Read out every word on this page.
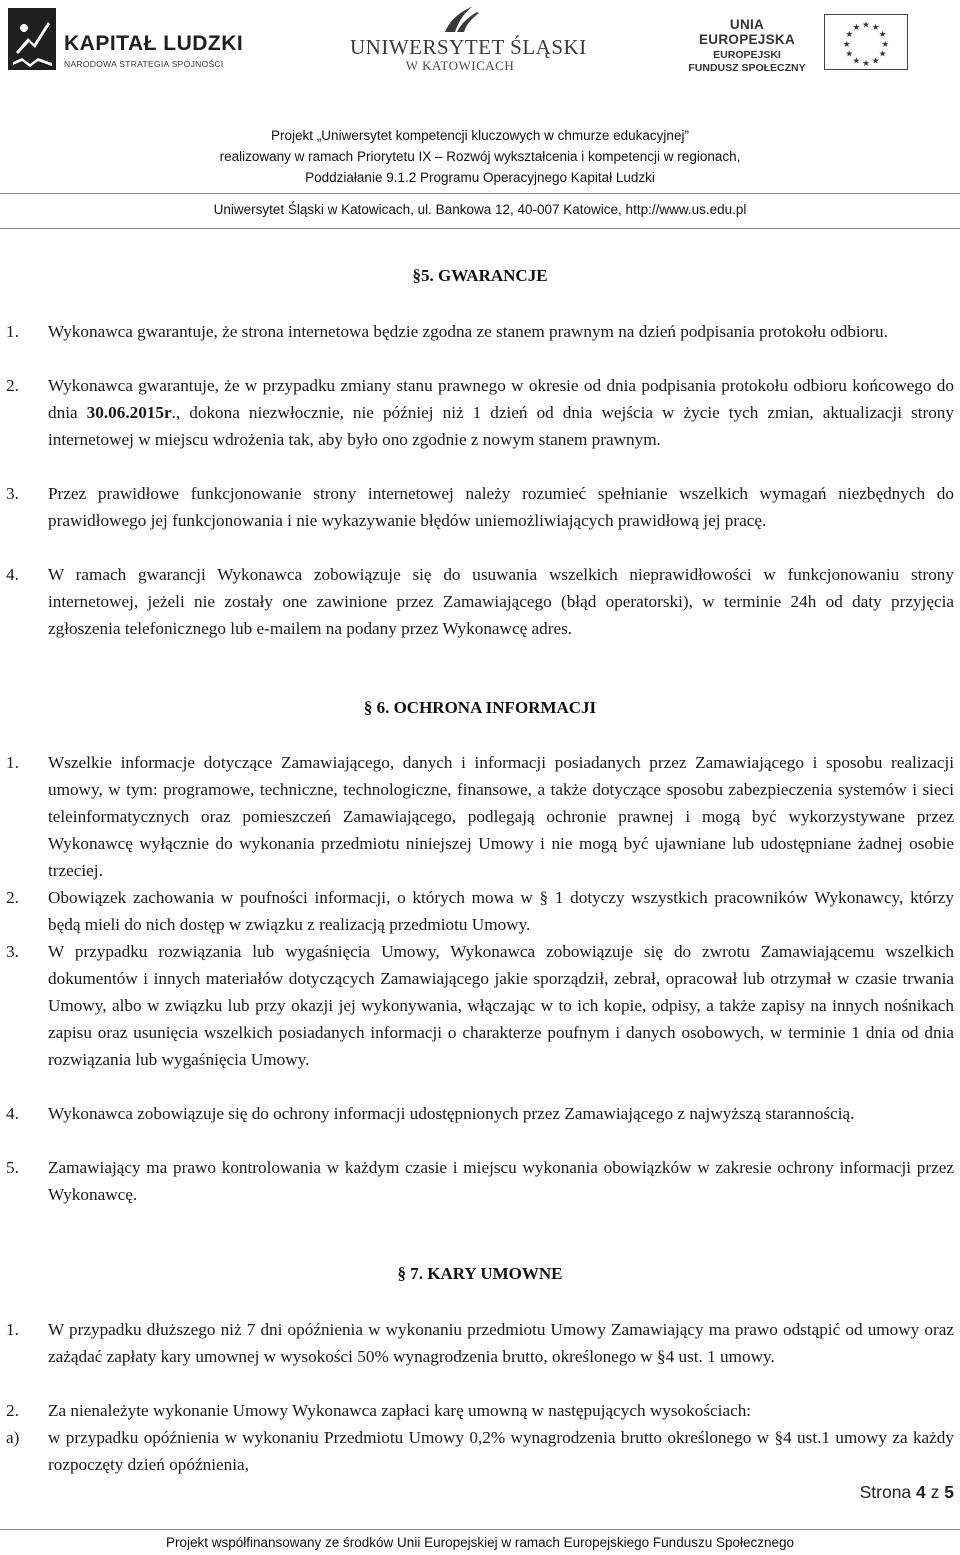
KAPITAŁ LUDZKI
NARODOWA STRATEGIA SPÓJNOŚCI
UNIWERSYTET ŚLĄSKI
W KATOWICACH
UNIA EUROPEJSKA
EUROPEJSKI
FUNDUSZ SPOŁECZNY
★ ★
★
★
★
★
★
★
★
★
★
★
Projekt „Uniwersytet kompetencji kluczowych w chmurze edukacyjnej”
realizowany w ramach Priorytetu IX – Rozwój wykształcenia i kompetencji w regionach,
Poddziałanie 9.1.2 Programu Operacyjnego Kapitał Ludzki
Uniwersytet Śląski w Katowicach, ul. Bankowa 12, 40-007 Katowice, http://www.us.edu.pl
§5. GWARANCJE
1. Wykonawca gwarantuje, że strona internetowa będzie zgodna ze stanem prawnym na dzień podpisania protokołu odbioru.
2. Wykonawca gwarantuje, że w przypadku zmiany stanu prawnego w okresie od dnia podpisania protokołu odbioru końcowego do dnia 30.06.2015r., dokona niezwłocznie, nie później niż 1 dzień od dnia wejścia w życie tych zmian, aktualizacji strony internetowej w miejscu wdrożenia tak, aby było ono zgodnie z nowym stanem prawnym.
3. Przez prawidłowe funkcjonowanie strony internetowej należy rozumieć spełnianie wszelkich wymagań niezbędnych do prawidłowego jej funkcjonowania i nie wykazywanie błędów uniemożliwiających prawidłową jej pracę.
4. W ramach gwarancji Wykonawca zobowiązuje się do usuwania wszelkich nieprawidłowości w funkcjonowaniu strony internetowej, jeżeli nie zostały one zawinione przez Zamawiającego (błąd operatorski), w terminie 24h od daty przyjęcia zgłoszenia telefonicznego lub e-mailem na podany przez Wykonawcę adres.
§ 6. OCHRONA INFORMACJI
1. Wszelkie informacje dotyczące Zamawiającego, danych i informacji posiadanych przez Zamawiającego i sposobu realizacji umowy, w tym: programowe, techniczne, technologiczne, finansowe, a także dotyczące sposobu zabezpieczenia systemów i sieci teleinformatycznych oraz pomieszczeń Zamawiającego, podlegają ochronie prawnej i mogą być wykorzystywane przez Wykonawcę wyłącznie do wykonania przedmiotu niniejszej Umowy i nie mogą być ujawniane lub udostępniane żadnej osobie trzeciej.
2. Obowiązek zachowania w poufności informacji, o których mowa w § 1 dotyczy wszystkich pracowników Wykonawcy, którzy będą mieli do nich dostęp w związku z realizacją przedmiotu Umowy.
3. W przypadku rozwiązania lub wygaśnięcia Umowy, Wykonawca zobowiązuje się do zwrotu Zamawiającemu wszelkich dokumentów i innych materiałów dotyczących Zamawiającego jakie sporządził, zebrał, opracował lub otrzymał w czasie trwania Umowy, albo w związku lub przy okazji jej wykonywania, włączając w to ich kopie, odpisy, a także zapisy na innych nośnikach zapisu oraz usunięcia wszelkich posiadanych informacji o charakterze poufnym i danych osobowych, w terminie 1 dnia od dnia rozwiązania lub wygaśnięcia Umowy.
4. Wykonawca zobowiązuje się do ochrony informacji udostępnionych przez Zamawiającego z najwyższą starannością.
5. Zamawiający ma prawo kontrolowania w każdym czasie i miejscu wykonania obowiązków w zakresie ochrony informacji przez Wykonawcę.
§ 7. KARY UMOWNE
1. W przypadku dłuższego niż 7 dni opóźnienia w wykonaniu przedmiotu Umowy Zamawiający ma prawo odstąpić od umowy oraz zażądać zapłaty kary umownej w wysokości 50% wynagrodzenia brutto, określonego w §4 ust. 1 umowy.
2. Za nienależyte wykonanie Umowy Wykonawca zapłaci karę umowną w następujących wysokościach:
a) w przypadku opóźnienia w wykonaniu Przedmiotu Umowy 0,2% wynagrodzenia brutto określonego w §4 ust.1 umowy za każdy rozpoczęty dzień opóźnienia,
Strona 4 z 5
Projekt współfinansowany ze środków Unii Europejskiej w ramach Europejskiego Funduszu Społecznego
